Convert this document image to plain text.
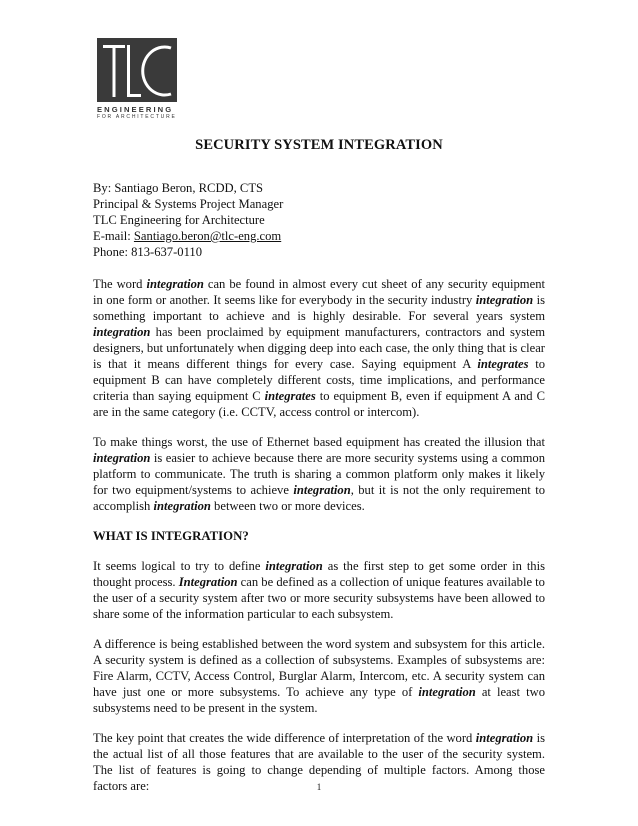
ENGINEERING
FOR ARCHITECTURE
SECURITY SYSTEM INTEGRATION
By: Santiago Beron, RCDD, CTS
Principal & Systems Project Manager
TLC Engineering for Architecture
E-mail: Santiago.beron@tlc-eng.com
Phone: 813-637-0110

The word integration can be found in almost every cut sheet of any security equipment in one form or another. It seems like for everybody in the security industry integration is something important to achieve and is highly desirable. For several years system integration has been proclaimed by equipment manufacturers, contractors and system designers, but unfortunately when digging deep into each case, the only thing that is clear is that it means different things for every case. Saying equipment A integrates to equipment B can have completely different costs, time implications, and performance criteria than saying equipment C integrates to equipment B, even if equipment A and C are in the same category (i.e. CCTV, access control or intercom).

To make things worst, the use of Ethernet based equipment has created the illusion that integration is easier to achieve because there are more security systems using a common platform to communicate. The truth is sharing a common platform only makes it likely for two equipment/systems to achieve integration, but it is not the only requirement to accomplish integration between two or more devices.

WHAT IS INTEGRATION?

It seems logical to try to define integration as the first step to get some order in this thought process. Integration can be defined as a collection of unique features available to the user of a security system after two or more security subsystems have been allowed to share some of the information particular to each subsystem.

A difference is being established between the word system and subsystem for this article. A security system is defined as a collection of subsystems. Examples of subsystems are: Fire Alarm, CCTV, Access Control, Burglar Alarm, Intercom, etc. A security system can have just one or more subsystems. To achieve any type of integration at least two subsystems need to be present in the system.

The key point that creates the wide difference of interpretation of the word integration is the actual list of all those features that are available to the user of the security system. The list of features is going to change depending of multiple factors. Among those factors are:	1
